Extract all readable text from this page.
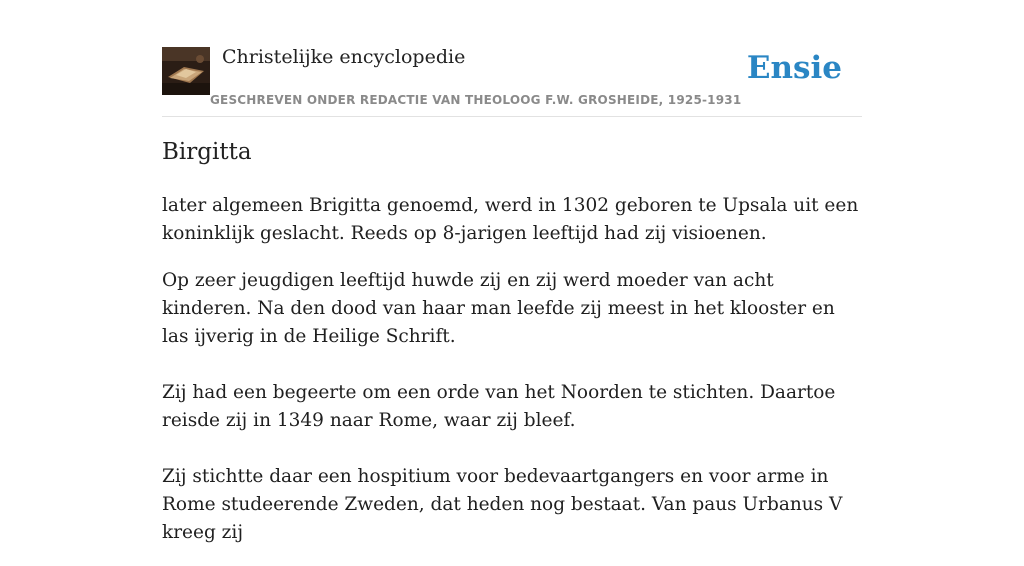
Christelijke encyclopedie
GESCHREVEN ONDER REDACTIE VAN THEOLOOG F.W. GROSHEIDE, 1925-1931
Ensie
Birgitta

later algemeen Brigitta genoemd, werd in 1302 geboren te Upsala uit een koninklijk geslacht. Reeds op 8-jarigen leeftijd had zij visioenen.

Op zeer jeugdigen leeftijd huwde zij en zij werd moeder van acht kinderen. Na den dood van haar man leefde zij meest in het klooster en las ijverig in de Heilige Schrift.

Zij had een begeerte om een orde van het Noorden te stichten. Daartoe reisde zij in 1349 naar Rome, waar zij bleef.

Zij stichtte daar een hospitium voor bedevaartgangers en voor arme in Rome studeerende Zweden, dat heden nog bestaat. Van paus Urbanus V kreeg zij
